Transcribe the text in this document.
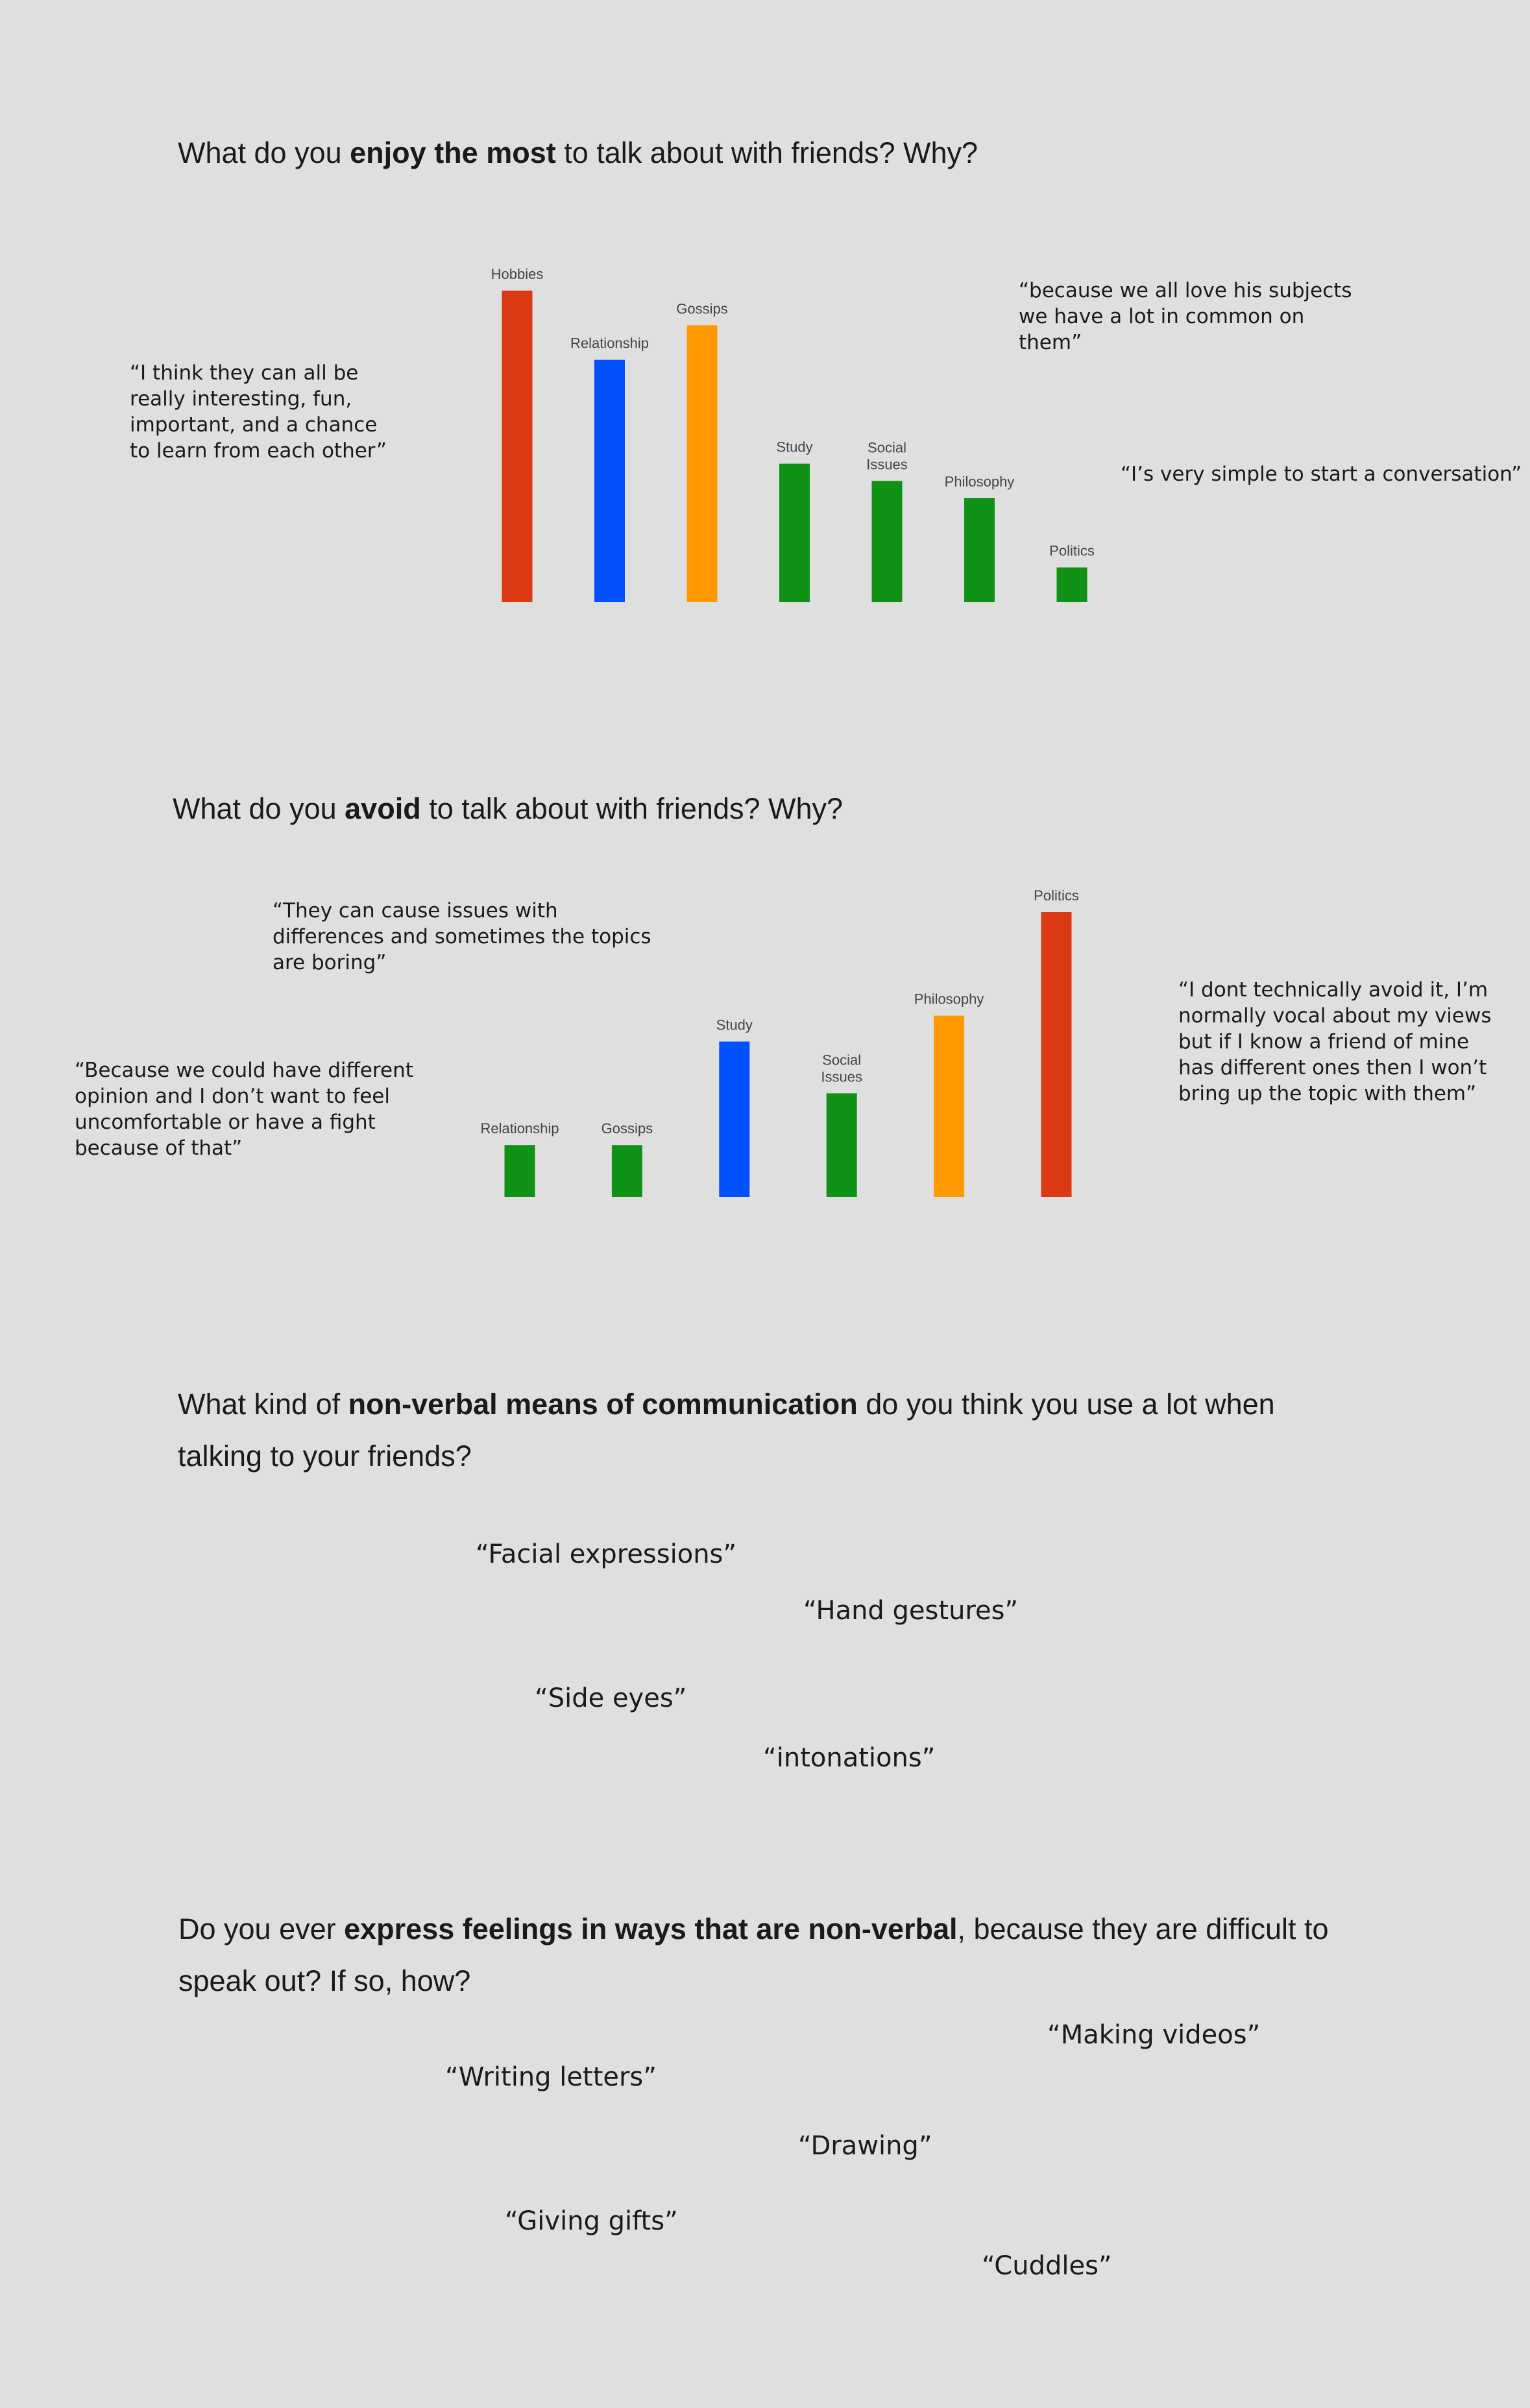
What do you enjoy the most to talk about with friends? Why?
Hobbies
Relationship
Gossips
Study	Social Issues
Philosophy
Politics

“I think they can all be really interesting, fun, important, and a chance to learn from each other”

“because we all love his subjects we have a lot in common on them”

“I’s very simple to start a conversation”

What do you avoid to talk about with friends? Why?
Relationship	Gossips
Study
Social Issues
Philosophy
Politics

“They can cause issues with differences and sometimes the topics are boring”

“Because we could have different opinion and I don’t want to feel uncomfortable or have a fight because of that”

“I dont technically avoid it, I’m normally vocal about my views but if I know a friend of mine has different ones then I won’t bring up the topic with them”

What kind of non-verbal means of communication do you think you use a lot when
talking to your friends?

“Facial expressions”

“Hand gestures”

“Side eyes”

“intonations”

Do you ever express feelings in ways that are non-verbal, because they are difficult to
speak out? If so, how?

“Making videos”

“Writing letters”

“Drawing”

“Giving gifts”

“Cuddles”
